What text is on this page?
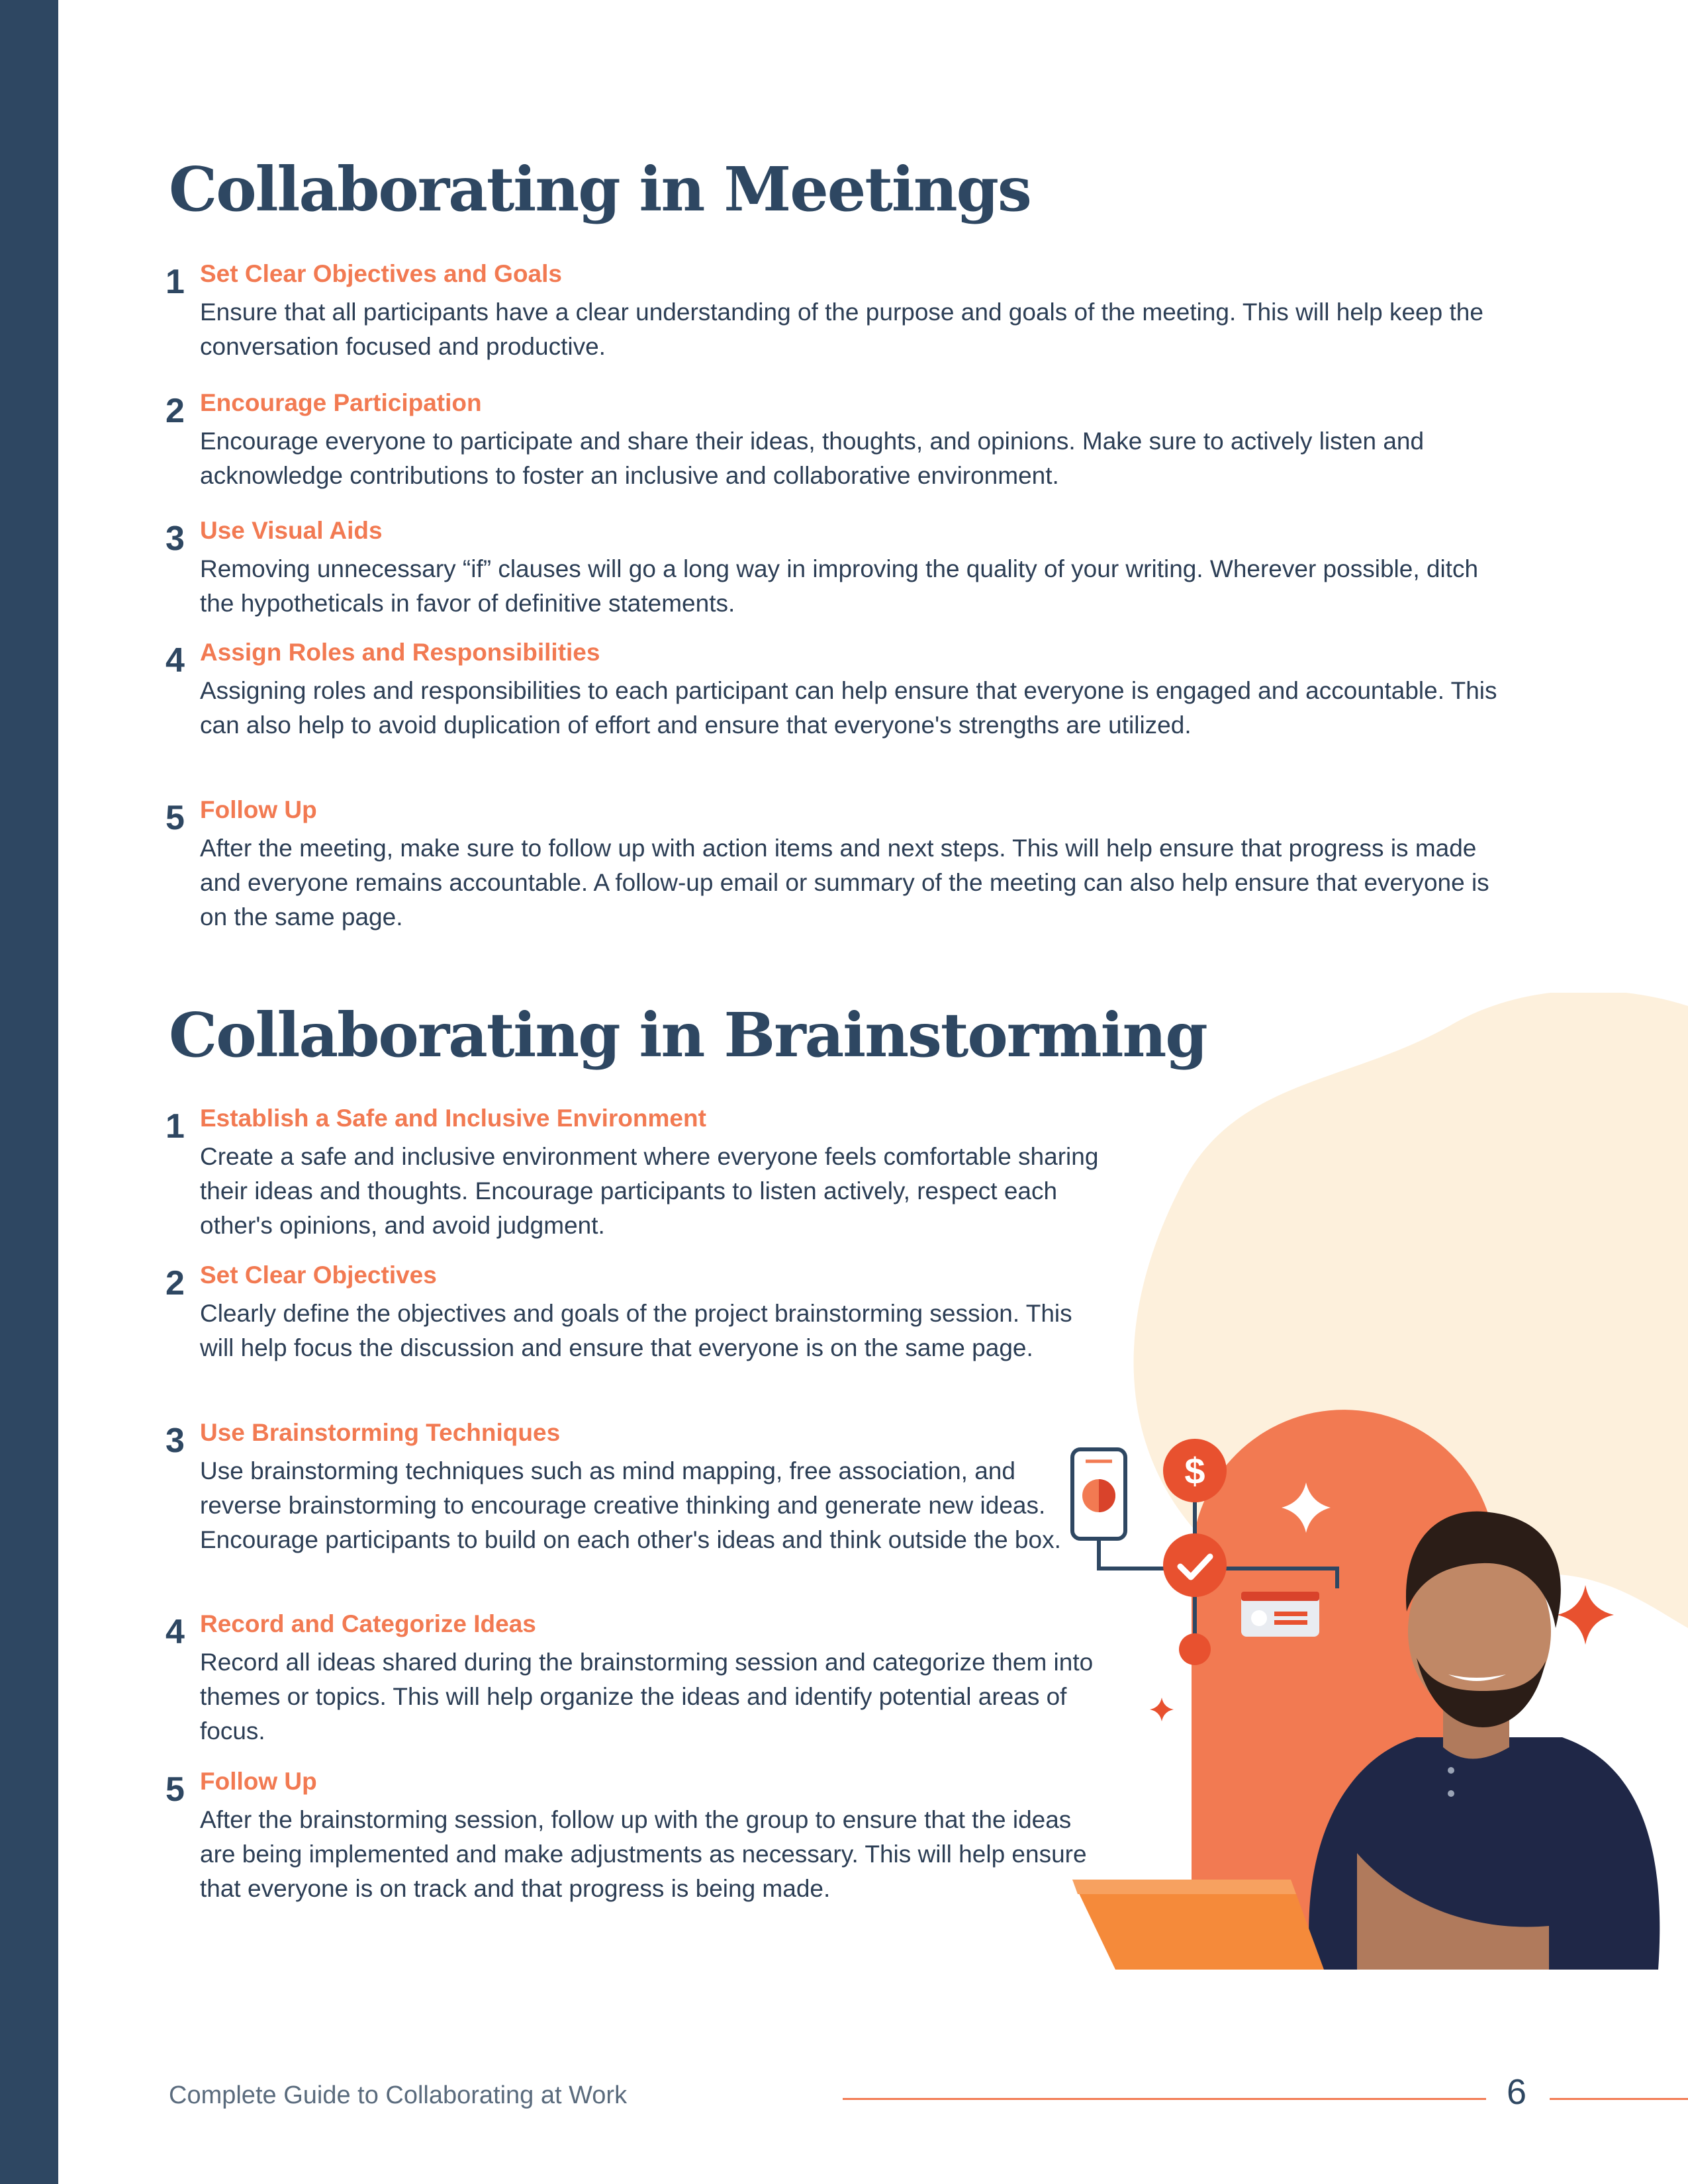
Collaborating in Meetings
1 Set Clear Objectives and Goals
Ensure that all participants have a clear understanding of the purpose and goals of the meeting. This will help keep the conversation focused and productive.
2 Encourage Participation
Encourage everyone to participate and share their ideas, thoughts, and opinions. Make sure to actively listen and acknowledge contributions to foster an inclusive and collaborative environment.
3 Use Visual Aids
Removing unnecessary “if” clauses will go a long way in improving the quality of your writing. Wherever possible, ditch the hypotheticals in favor of definitive statements.
4 Assign Roles and Responsibilities
Assigning roles and responsibilities to each participant can help ensure that everyone is engaged and accountable. This can also help to avoid duplication of effort and ensure that everyone's strengths are utilized.
5 Follow Up
After the meeting, make sure to follow up with action items and next steps. This will help ensure that progress is made and everyone remains accountable. A follow-up email or summary of the meeting can also help ensure that everyone is on the same page.
$
Collaborating in Brainstorming
1 Establish a Safe and Inclusive Environment
Create a safe and inclusive environment where everyone feels comfortable sharing their ideas and thoughts. Encourage participants to listen actively, respect each other's opinions, and avoid judgment.
2 Set Clear Objectives
Clearly define the objectives and goals of the project brainstorming session. This will help focus the discussion and ensure that everyone is on the same page.
3 Use Brainstorming Techniques
Use brainstorming techniques such as mind mapping, free association, and reverse brainstorming to encourage creative thinking and generate new ideas. Encourage participants to build on each other's ideas and think outside the box.
4 Record and Categorize Ideas
Record all ideas shared during the brainstorming session and categorize them into themes or topics. This will help organize the ideas and identify potential areas of focus.
5 Follow Up
After the brainstorming session, follow up with the group to ensure that the ideas are being implemented and make adjustments as necessary. This will help ensure that everyone is on track and that progress is being made.
Complete Guide to Collaborating at Work	6
